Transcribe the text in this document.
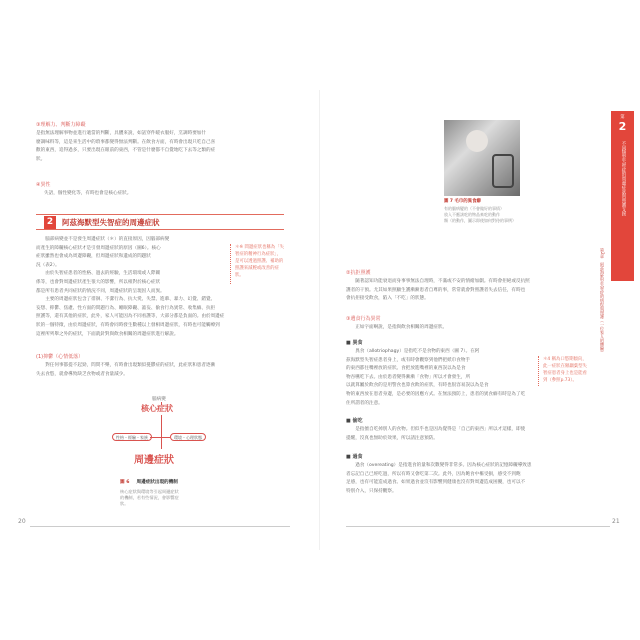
③理解力、判斷力障礙
是指無法理解事物並進行適當的判斷，具體來說，如話穿件暖衣服好，烹調時要加什
麼調味料等，這是來生活中的瑣事都變得無法判斷。在飲食方面，有時會出現只吃自己喜
歡的東西，追得過多，只要出現在眼前的東西，不管是什麼都不自覺地吃下去等之類的症
狀。
④異性
失語，個性變化等，有時也會是核心症狀。
2	阿茲海默型失智症的周邊症狀
　　腦部病變並不是發生周邊症狀（＊）的直接原因，因腦部病變
而產生的障礙核心症狀才是引發周邊症狀的原因（圖6）。核心
症狀雖然也會成為周邊障礙，但周邊症狀和遺成的問題狀
況（表2）。
　　由於失智症患者的性格、過去的經驗，生活環境或人際關
係等，也會對周邊症狀產生很大的影響，所以相對於核心症狀
都是所有患者共同症狀的情況不同，周邊症狀的呈現因人而異。
　　主要的周邊症狀包含了徘徊、不潔行為、抗大愛、失禁、進葷、暴力、幻覺、錯覺、
妄想、抑鬱、焦慮、性方面的問題行為、睡眠障礙、譫妄、偷食行為異常、收集癖、抗拒
照護等，還有其他的症狀，此外，家人可能因為不同看護等，大部分都是負面的。由於周邊症
狀的一個特徵，由於周邊症狀，有時會同時發生數種以上發相周邊症狀，有時也可能觸療到
這裡所列舉之外的症狀，下面就針對與飲食相關的周邊症狀進行解說。
＊※ 問邊症狀也稱為「失
智症的精神行為症狀」，
是可以透過照護、補助的
照護來減輕或改善的症
狀。
(1)抑鬱（心情低落）
　　對任何事都提不起勁，問問不樂，有時會出現類似憂鬱症的症狀，此症狀和患者逐漸
失去食慾，就會導致缺乏食物或者食量減少。
腦病變
核心症狀
性格・經驗・家族	環境・心理狀態
周邊症狀
圖 6 周邊症狀出現的機制
核心症狀與環境等引起周邊症狀
的機制，若有些情況，會影響症
狀。
20
圖 7 毛巾的異食癖
有的腦病變的（不會做好的事情）
放入不應該吃的物品來吃的動作
類（的動作，圖示即使如何對待的事例）
②抗拒照護
　　隨著認知功能衰退而身事事無法自理時，不滿或不安的情緒加劇。有時會拒絕或反抗照
護者的干預。尤其如果照顧生護漸漸患者自尊的事，常常就會對照護者失去信任，有時也
會抗拒接受飲食，陷入「不吃」的狀態。
③遺食行為異常
　　正如字面啊說，是指與飲食相關的周邊症狀。
■ 異食
　　異食（allotriophagy）是指吃不是食物的東西（圖 7）。在阿
茲海默型失智症患者身上，或有時會觀察到他們把紙巾食物手
的東西都往嘴裡放的症狀。食把放進嘴裡的東西誤以為是食
物吞嚥吃下去。由於患者變得漸漸「食物」所以才會發生，所
以就算屬於飲食的是用警食也算食飲的症狀，有時也很容易誤以為是食
物的東西放在患者身邊，是必要的因應方式。在無法預防上，患者的異食癖有時是為了吃
住所謂者的注意。
＊4 稱為口慾期傾向，
此一症狀在額顳葉型失
智症患者身上也是能看
到（參照p.73）。
■ 偷吃
　　是指擅自吃掉別人的食物。但似乎也是因為覺得是「自己的東西」所以才這樣，即使
提醒，沒真也無助於效果，所以請注意預防。
■ 過食
　　過食（overeating）是指進食的量和次數變得非常多。因為核心症狀的記憶障礙導致患
者忘記自己已經吃過，所以有時又會吃第二次。此外，因為飽食中樞受損，感受不到飽
足感，也有可能造成過食。如果過食並沒有影響到健康也沒有對周邊造成困擾，也可以不
特別介入，只保持觀察。
第
2
不同類型失智症的周邊症狀與照護支援
第2章　阿茲海默型失智症的病程與照護（一位家人的體驗）
21
